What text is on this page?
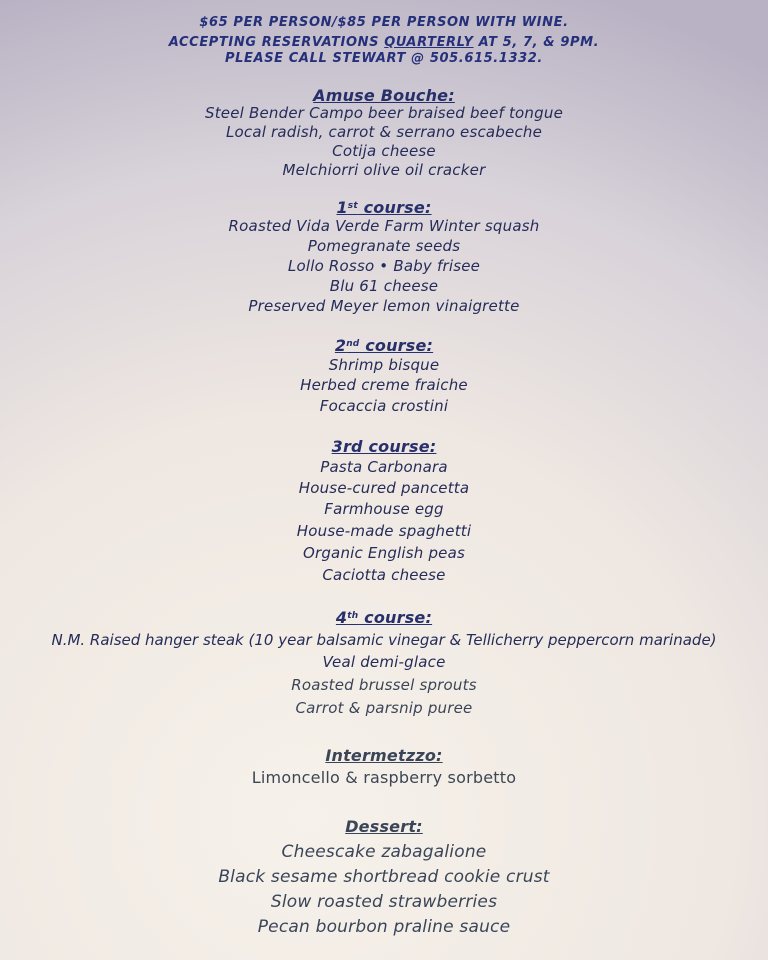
$65 PER PERSON/$85 PER PERSON WITH WINE.
ACCEPTING RESERVATIONS QUARTERLY AT 5, 7, & 9PM.
PLEASE CALL STEWART @ 505.615.1332.
Amuse Bouche:
Steel Bender Campo beer braised beef tongue
Local radish, carrot & serrano escabeche
Cotija cheese
Melchiorri olive oil cracker
1st course:
Roasted Vida Verde Farm Winter squash
Pomegranate seeds
Lollo Rosso • Baby frisee
Blu 61 cheese
Preserved Meyer lemon vinaigrette
2nd course:
Shrimp bisque
Herbed creme fraiche
Focaccia crostini
3rd course:
Pasta Carbonara
House-cured pancetta
Farmhouse egg
House-made spaghetti
Organic English peas
Caciotta cheese
4th course:
N.M. Raised hanger steak (10 year balsamic vinegar & Tellicherry peppercorn marinade)
Veal demi-glace
Roasted brussel sprouts
Carrot & parsnip puree
Intermetzzo:
Limoncello & raspberry sorbetto
Dessert:
Cheescake zabagalione
Black sesame shortbread cookie crust
Slow roasted strawberries
Pecan bourbon praline sauce
